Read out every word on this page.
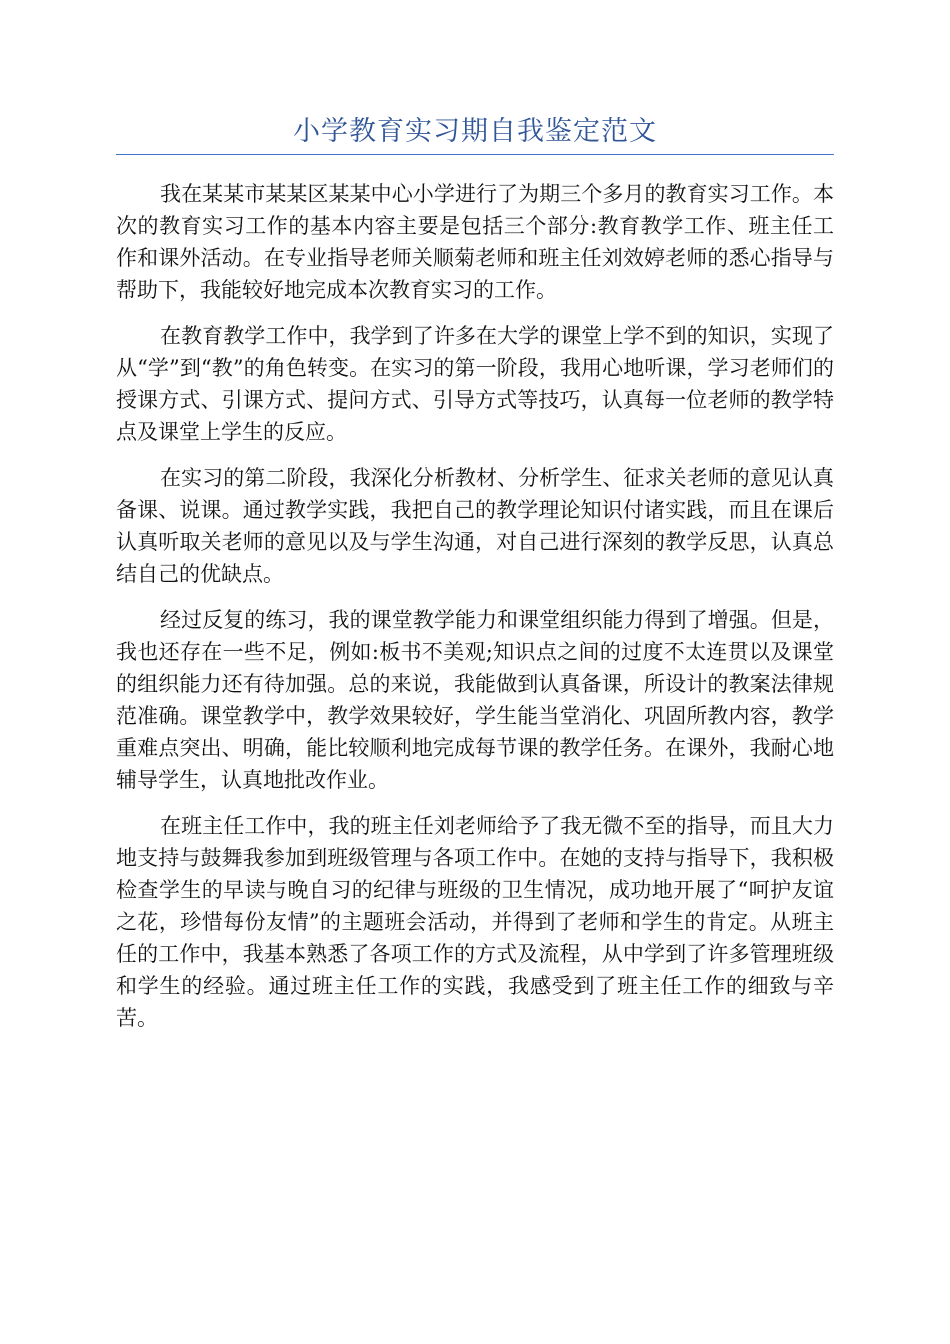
小学教育实习期自我鉴定范文

我在某某市某某区某某中心小学进行了为期三个多月的教育实习工作。本次的教育实习工作的基本内容主要是包括三个部分:教育教学工作、班主任工作和课外活动。在专业指导老师关顺菊老师和班主任刘效婷老师的悉心指导与帮助下，我能较好地完成本次教育实习的工作。

在教育教学工作中，我学到了许多在大学的课堂上学不到的知识，实现了从“学”到“教”的角色转变。在实习的第一阶段，我用心地听课，学习老师们的授课方式、引课方式、提问方式、引导方式等技巧，认真每一位老师的教学特点及课堂上学生的反应。

在实习的第二阶段，我深化分析教材、分析学生、征求关老师的意见认真备课、说课。通过教学实践，我把自己的教学理论知识付诸实践，而且在课后认真听取关老师的意见以及与学生沟通，对自己进行深刻的教学反思，认真总结自己的优缺点。

经过反复的练习，我的课堂教学能力和课堂组织能力得到了增强。但是，我也还存在一些不足，例如:板书不美观;知识点之间的过度不太连贯以及课堂的组织能力还有待加强。总的来说，我能做到认真备课，所设计的教案法律规范准确。课堂教学中，教学效果较好，学生能当堂消化、巩固所教内容，教学重难点突出、明确，能比较顺利地完成每节课的教学任务。在课外，我耐心地辅导学生，认真地批改作业。

在班主任工作中，我的班主任刘老师给予了我无微不至的指导，而且大力地支持与鼓舞我参加到班级管理与各项工作中。在她的支持与指导下，我积极检查学生的早读与晚自习的纪律与班级的卫生情况，成功地开展了“呵护友谊之花，珍惜每份友情”的主题班会活动，并得到了老师和学生的肯定。从班主任的工作中，我基本熟悉了各项工作的方式及流程，从中学到了许多管理班级和学生的经验。通过班主任工作的实践，我感受到了班主任工作的细致与辛苦。
